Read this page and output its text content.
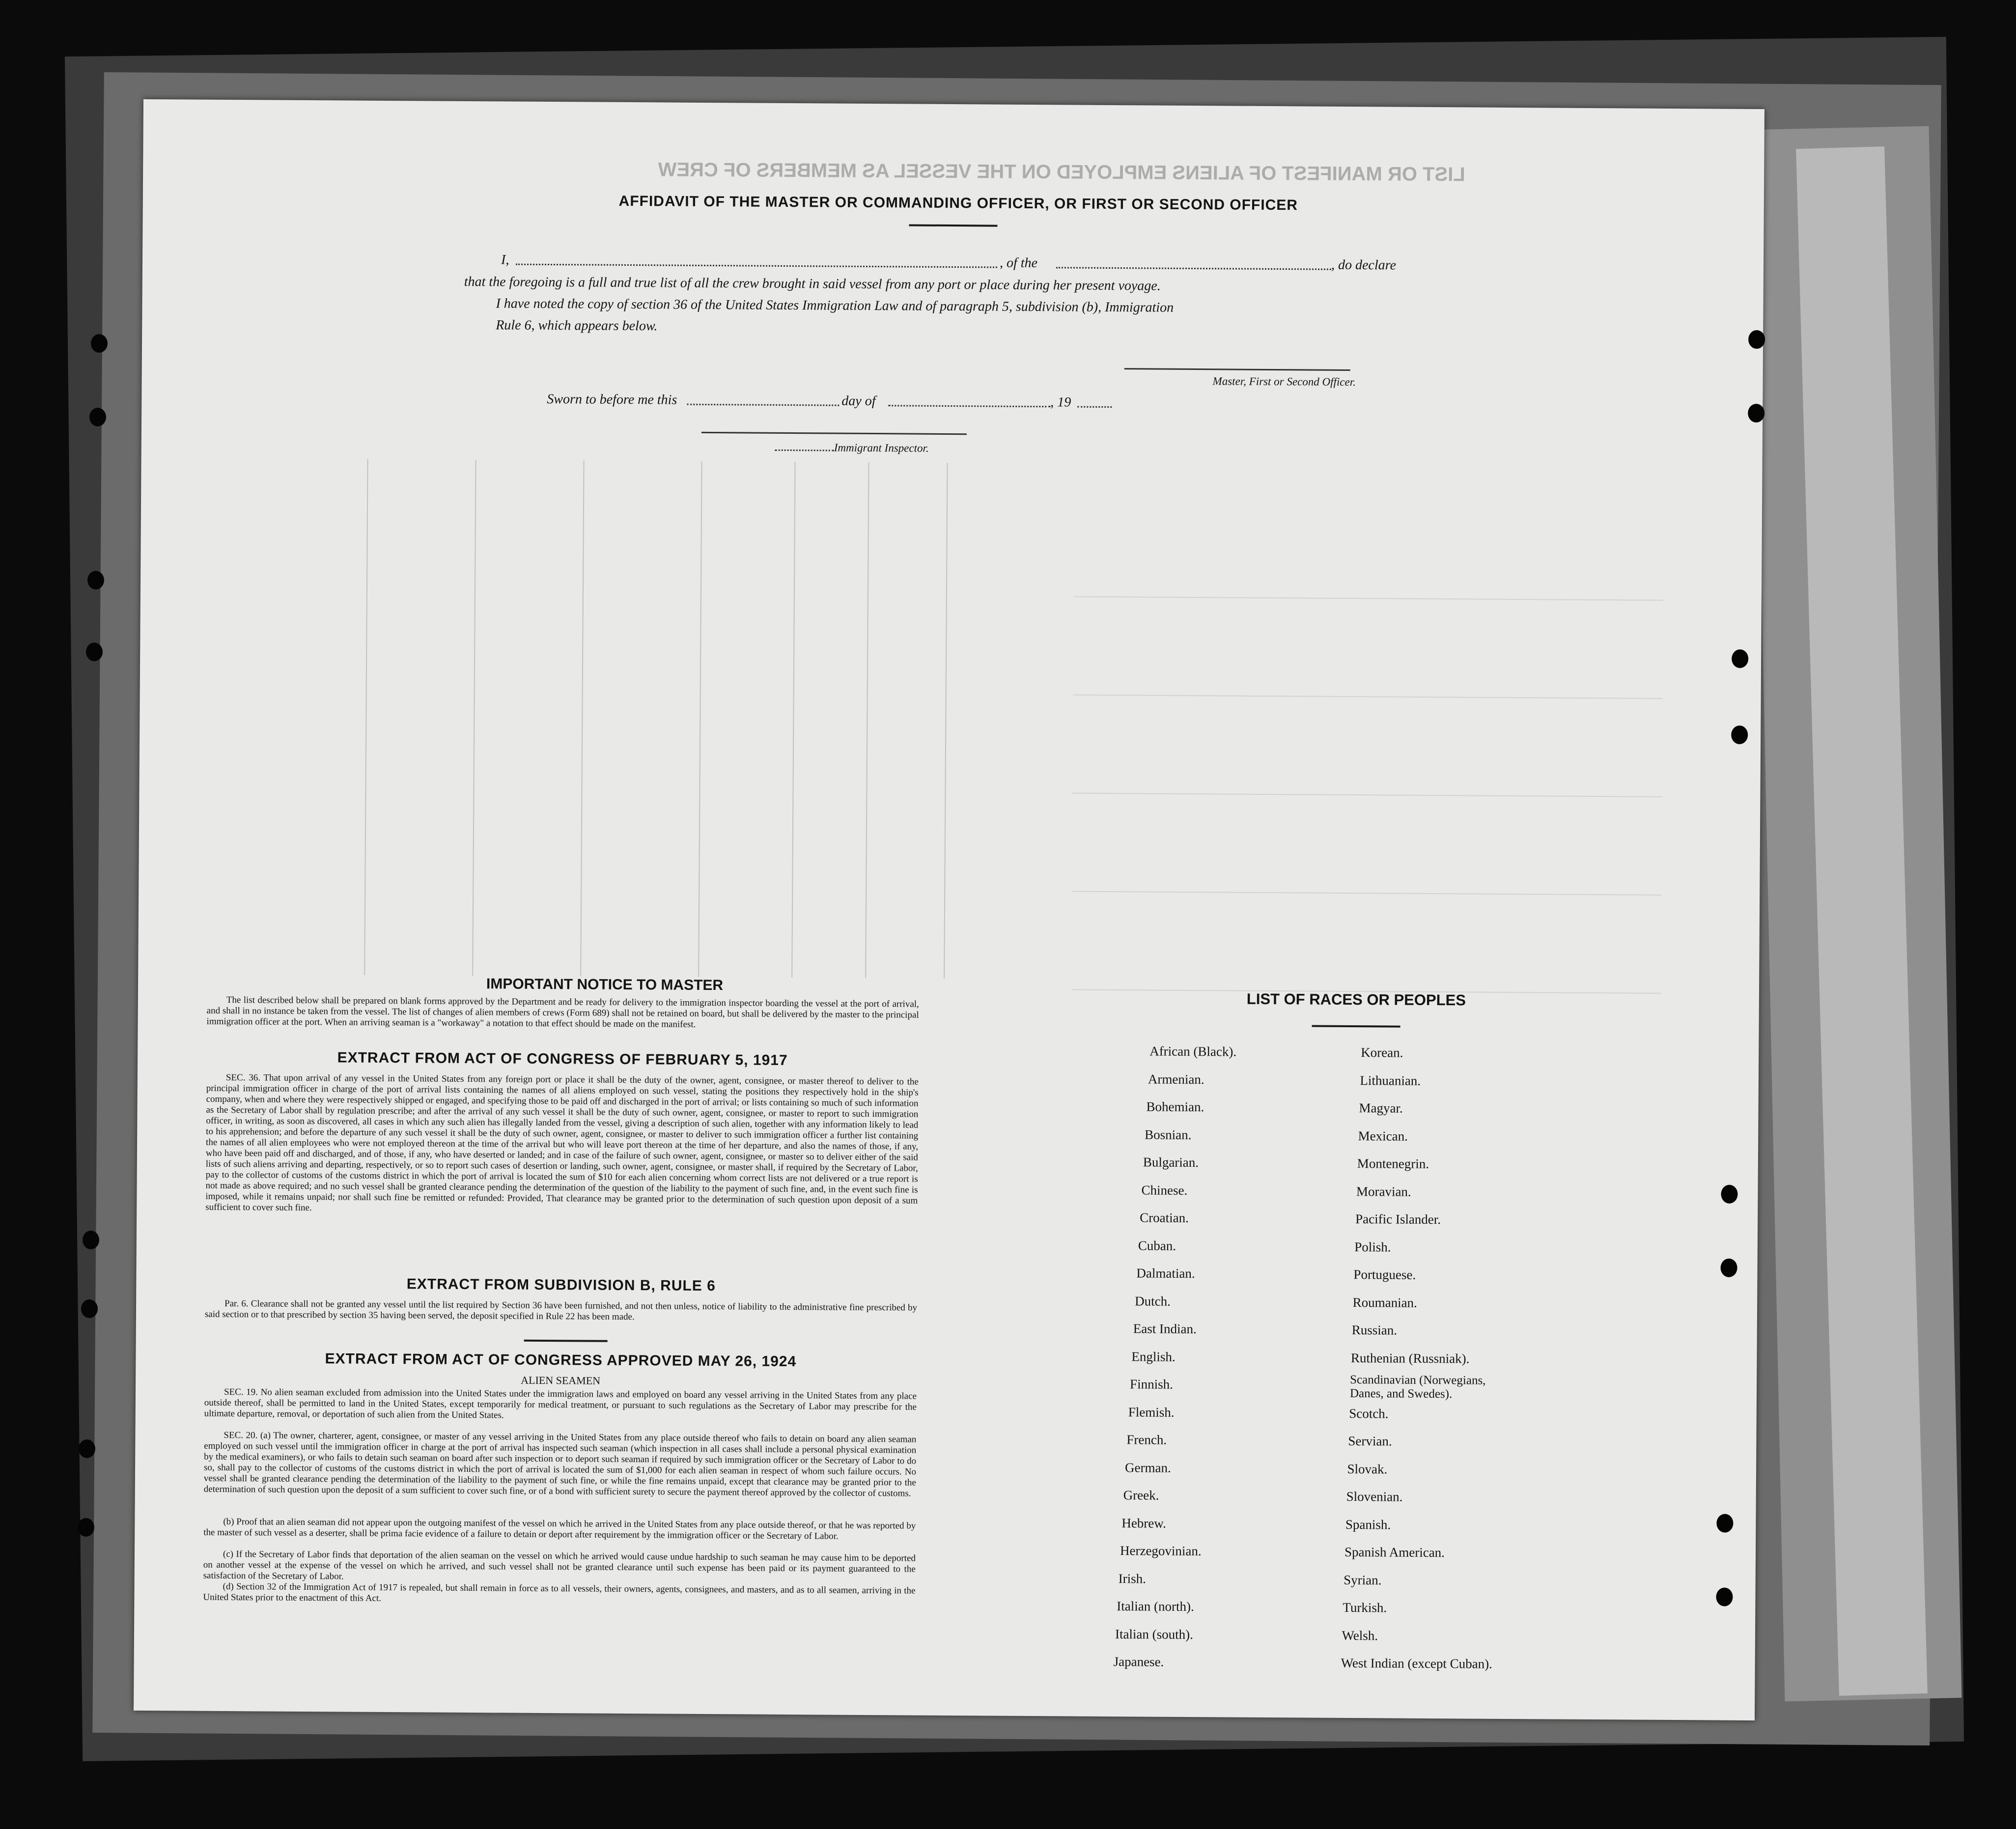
LIST OR MANIFEST OF ALIENS EMPLOYED ON THE VESSEL AS MEMBERS OF CREW
AFFIDAVIT OF THE MASTER OR COMMANDING OFFICER, OR FIRST OR SECOND OFFICER
I,	, of the	, do declare
that the foregoing is a full and true list of all the crew brought in said vessel from any port or place during her present voyage.
I have noted the copy of section 36 of the United States Immigration Law and of paragraph 5, subdivision (b), Immigration
Rule 6, which appears below.
Master, First or Second Officer.
Sworn to before me this	day of	, 19
Immigrant Inspector.
IMPORTANT NOTICE TO MASTER
The list described below shall be prepared on blank forms approved by the Department and be ready for delivery to the immigration inspector boarding the vessel at the port of arrival, and shall in no instance be taken from the vessel. The list of changes of alien members of crews (Form 689) shall not be retained on board, but shall be delivered by the master to the principal immigration officer at the port. When an arriving seaman is a "workaway" a notation to that effect should be made on the manifest.
EXTRACT FROM ACT OF CONGRESS OF FEBRUARY 5, 1917
SEC. 36. That upon arrival of any vessel in the United States from any foreign port or place it shall be the duty of the owner, agent, consignee, or master thereof to deliver to the principal immigration officer in charge of the port of arrival lists containing the names of all aliens employed on such vessel, stating the positions they respectively hold in the ship's company, when and where they were respectively shipped or engaged, and specifying those to be paid off and discharged in the port of arrival; or lists containing so much of such information as the Secretary of Labor shall by regulation prescribe; and after the arrival of any such vessel it shall be the duty of such owner, agent, consignee, or master to report to such immigration officer, in writing, as soon as discovered, all cases in which any such alien has illegally landed from the vessel, giving a description of such alien, together with any information likely to lead to his apprehension; and before the departure of any such vessel it shall be the duty of such owner, agent, consignee, or master to deliver to such immigration officer a further list containing the names of all alien employees who were not employed thereon at the time of the arrival but who will leave port thereon at the time of her departure, and also the names of those, if any, who have been paid off and discharged, and of those, if any, who have deserted or landed; and in case of the failure of such owner, agent, consignee, or master so to deliver either of the said lists of such aliens arriving and departing, respectively, or so to report such cases of desertion or landing, such owner, agent, consignee, or master shall, if required by the Secretary of Labor, pay to the collector of customs of the customs district in which the port of arrival is located the sum of $10 for each alien concerning whom correct lists are not delivered or a true report is not made as above required; and no such vessel shall be granted clearance pending the determination of the question of the liability to the payment of such fine, and, in the event such fine is imposed, while it remains unpaid; nor shall such fine be remitted or refunded: Provided, That clearance may be granted prior to the determination of such question upon deposit of a sum sufficient to cover such fine.
EXTRACT FROM SUBDIVISION B, RULE 6
Par. 6. Clearance shall not be granted any vessel until the list required by Section 36 have been furnished, and not then unless, notice of liability to the administrative fine prescribed by said section or to that prescribed by section 35 having been served, the deposit specified in Rule 22 has been made.
EXTRACT FROM ACT OF CONGRESS APPROVED MAY 26, 1924
ALIEN SEAMEN
SEC. 19. No alien seaman excluded from admission into the United States under the immigration laws and employed on board any vessel arriving in the United States from any place outside thereof, shall be permitted to land in the United States, except temporarily for medical treatment, or pursuant to such regulations as the Secretary of Labor may prescribe for the ultimate departure, removal, or deportation of such alien from the United States.
SEC. 20. (a) The owner, charterer, agent, consignee, or master of any vessel arriving in the United States from any place outside thereof who fails to detain on board any alien seaman employed on such vessel until the immigration officer in charge at the port of arrival has inspected such seaman (which inspection in all cases shall include a personal physical examination by the medical examiners), or who fails to detain such seaman on board after such inspection or to deport such seaman if required by such immigration officer or the Secretary of Labor to do so, shall pay to the collector of customs of the customs district in which the port of arrival is located the sum of $1,000 for each alien seaman in respect of whom such failure occurs. No vessel shall be granted clearance pending the determination of the liability to the payment of such fine, or while the fine remains unpaid, except that clearance may be granted prior to the determination of such question upon the deposit of a sum sufficient to cover such fine, or of a bond with sufficient surety to secure the payment thereof approved by the collector of customs.
(b) Proof that an alien seaman did not appear upon the outgoing manifest of the vessel on which he arrived in the United States from any place outside thereof, or that he was reported by the master of such vessel as a deserter, shall be prima facie evidence of a failure to detain or deport after requirement by the immigration officer or the Secretary of Labor.
(c) If the Secretary of Labor finds that deportation of the alien seaman on the vessel on which he arrived would cause undue hardship to such seaman he may cause him to be deported on another vessel at the expense of the vessel on which he arrived, and such vessel shall not be granted clearance until such expense has been paid or its payment guaranteed to the satisfaction of the Secretary of Labor.
(d) Section 32 of the Immigration Act of 1917 is repealed, but shall remain in force as to all vessels, their owners, agents, consignees, and masters, and as to all seamen, arriving in the United States prior to the enactment of this Act.
LIST OF RACES OR PEOPLES
African (Black).
Armenian.
Bohemian.
Bosnian.
Bulgarian.
Chinese.
Croatian.
Cuban.
Dalmatian.
Dutch.
East Indian.
English.
Finnish.
Flemish.
French.
German.
Greek.
Hebrew.
Herzegovinian.
Irish.
Italian (north).
Italian (south).
Japanese.
Korean.
Lithuanian.
Magyar.
Mexican.
Montenegrin.
Moravian.
Pacific Islander.
Polish.
Portuguese.
Roumanian.
Russian.
Ruthenian (Russniak).
Scandinavian (Norwegians, Danes, and Swedes).
Scotch.
Servian.
Slovak.
Slovenian.
Spanish.
Spanish American.
Syrian.
Turkish.
Welsh.
West Indian (except Cuban).
